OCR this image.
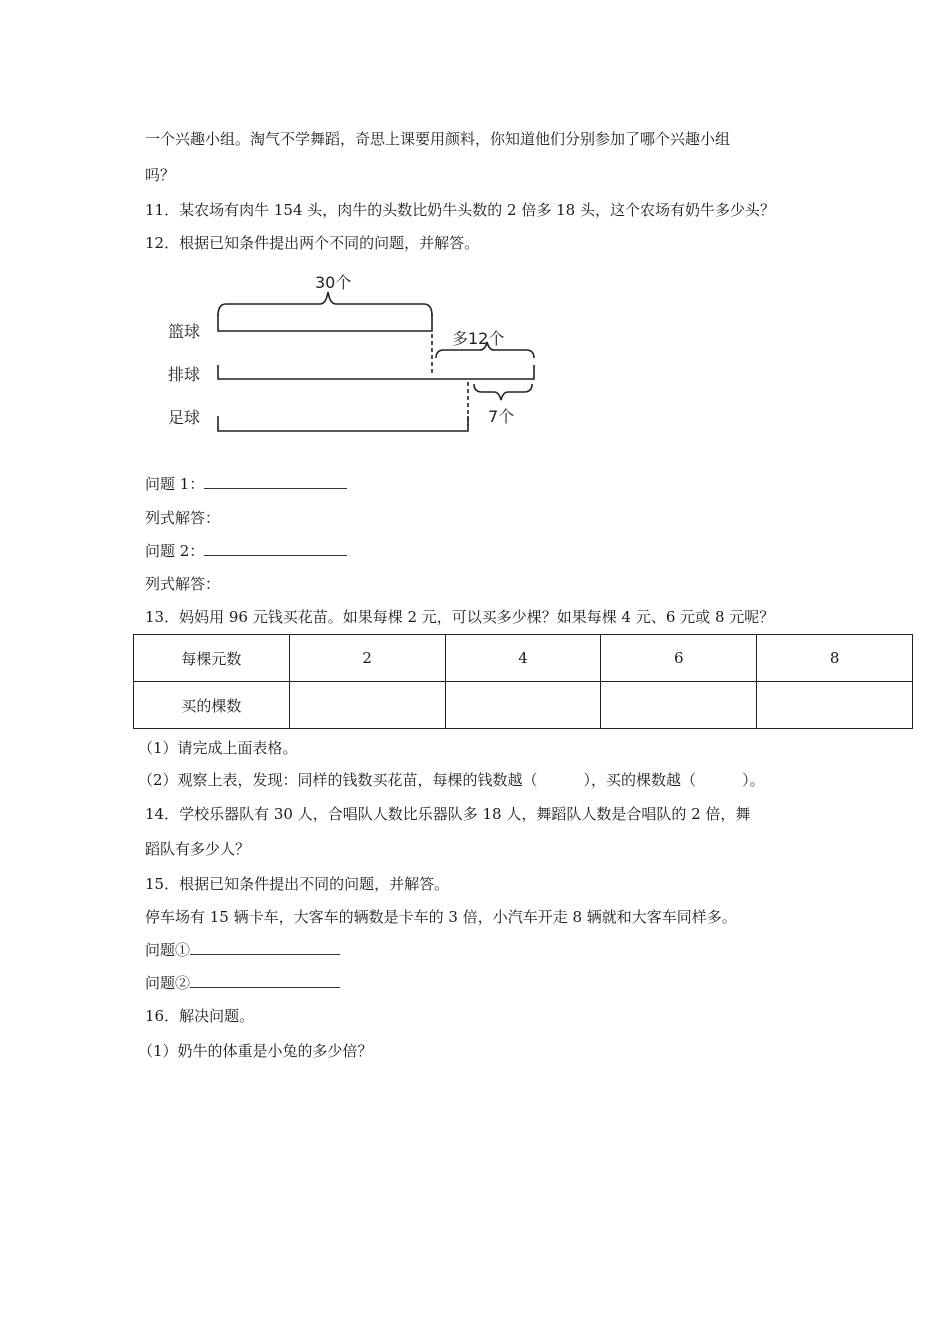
一个兴趣小组。淘气不学舞蹈，奇思上课要用颜料，你知道他们分别参加了哪个兴趣小组
吗？
11．某农场有肉牛 154 头，肉牛的头数比奶牛头数的 2 倍多 18 头，这个农场有奶牛多少头？
12．根据已知条件提出两个不同的问题，并解答。
30个
篮球	多12个
排球
7个
足球
问题 1：
列式解答：
问题 2：
列式解答：
13．妈妈用 96 元钱买花苗。如果每棵 2 元，可以买多少棵？如果每棵 4 元、6 元或 8 元呢？
每棵元数	2	4	6	8
买的棵数				
（1）请完成上面表格。
（2）观察上表，发现：同样的钱数买花苗，每棵的钱数越（	），买的棵数越（	）。
14．学校乐器队有 30 人，合唱队人数比乐器队多 18 人，舞蹈队人数是合唱队的 2 倍，舞
蹈队有多少人？
15．根据已知条件提出不同的问题，并解答。
停车场有 15 辆卡车，大客车的辆数是卡车的 3 倍，小汽车开走 8 辆就和大客车同样多。
问题①
问题②
16．解决问题。
（1）奶牛的体重是小兔的多少倍？
